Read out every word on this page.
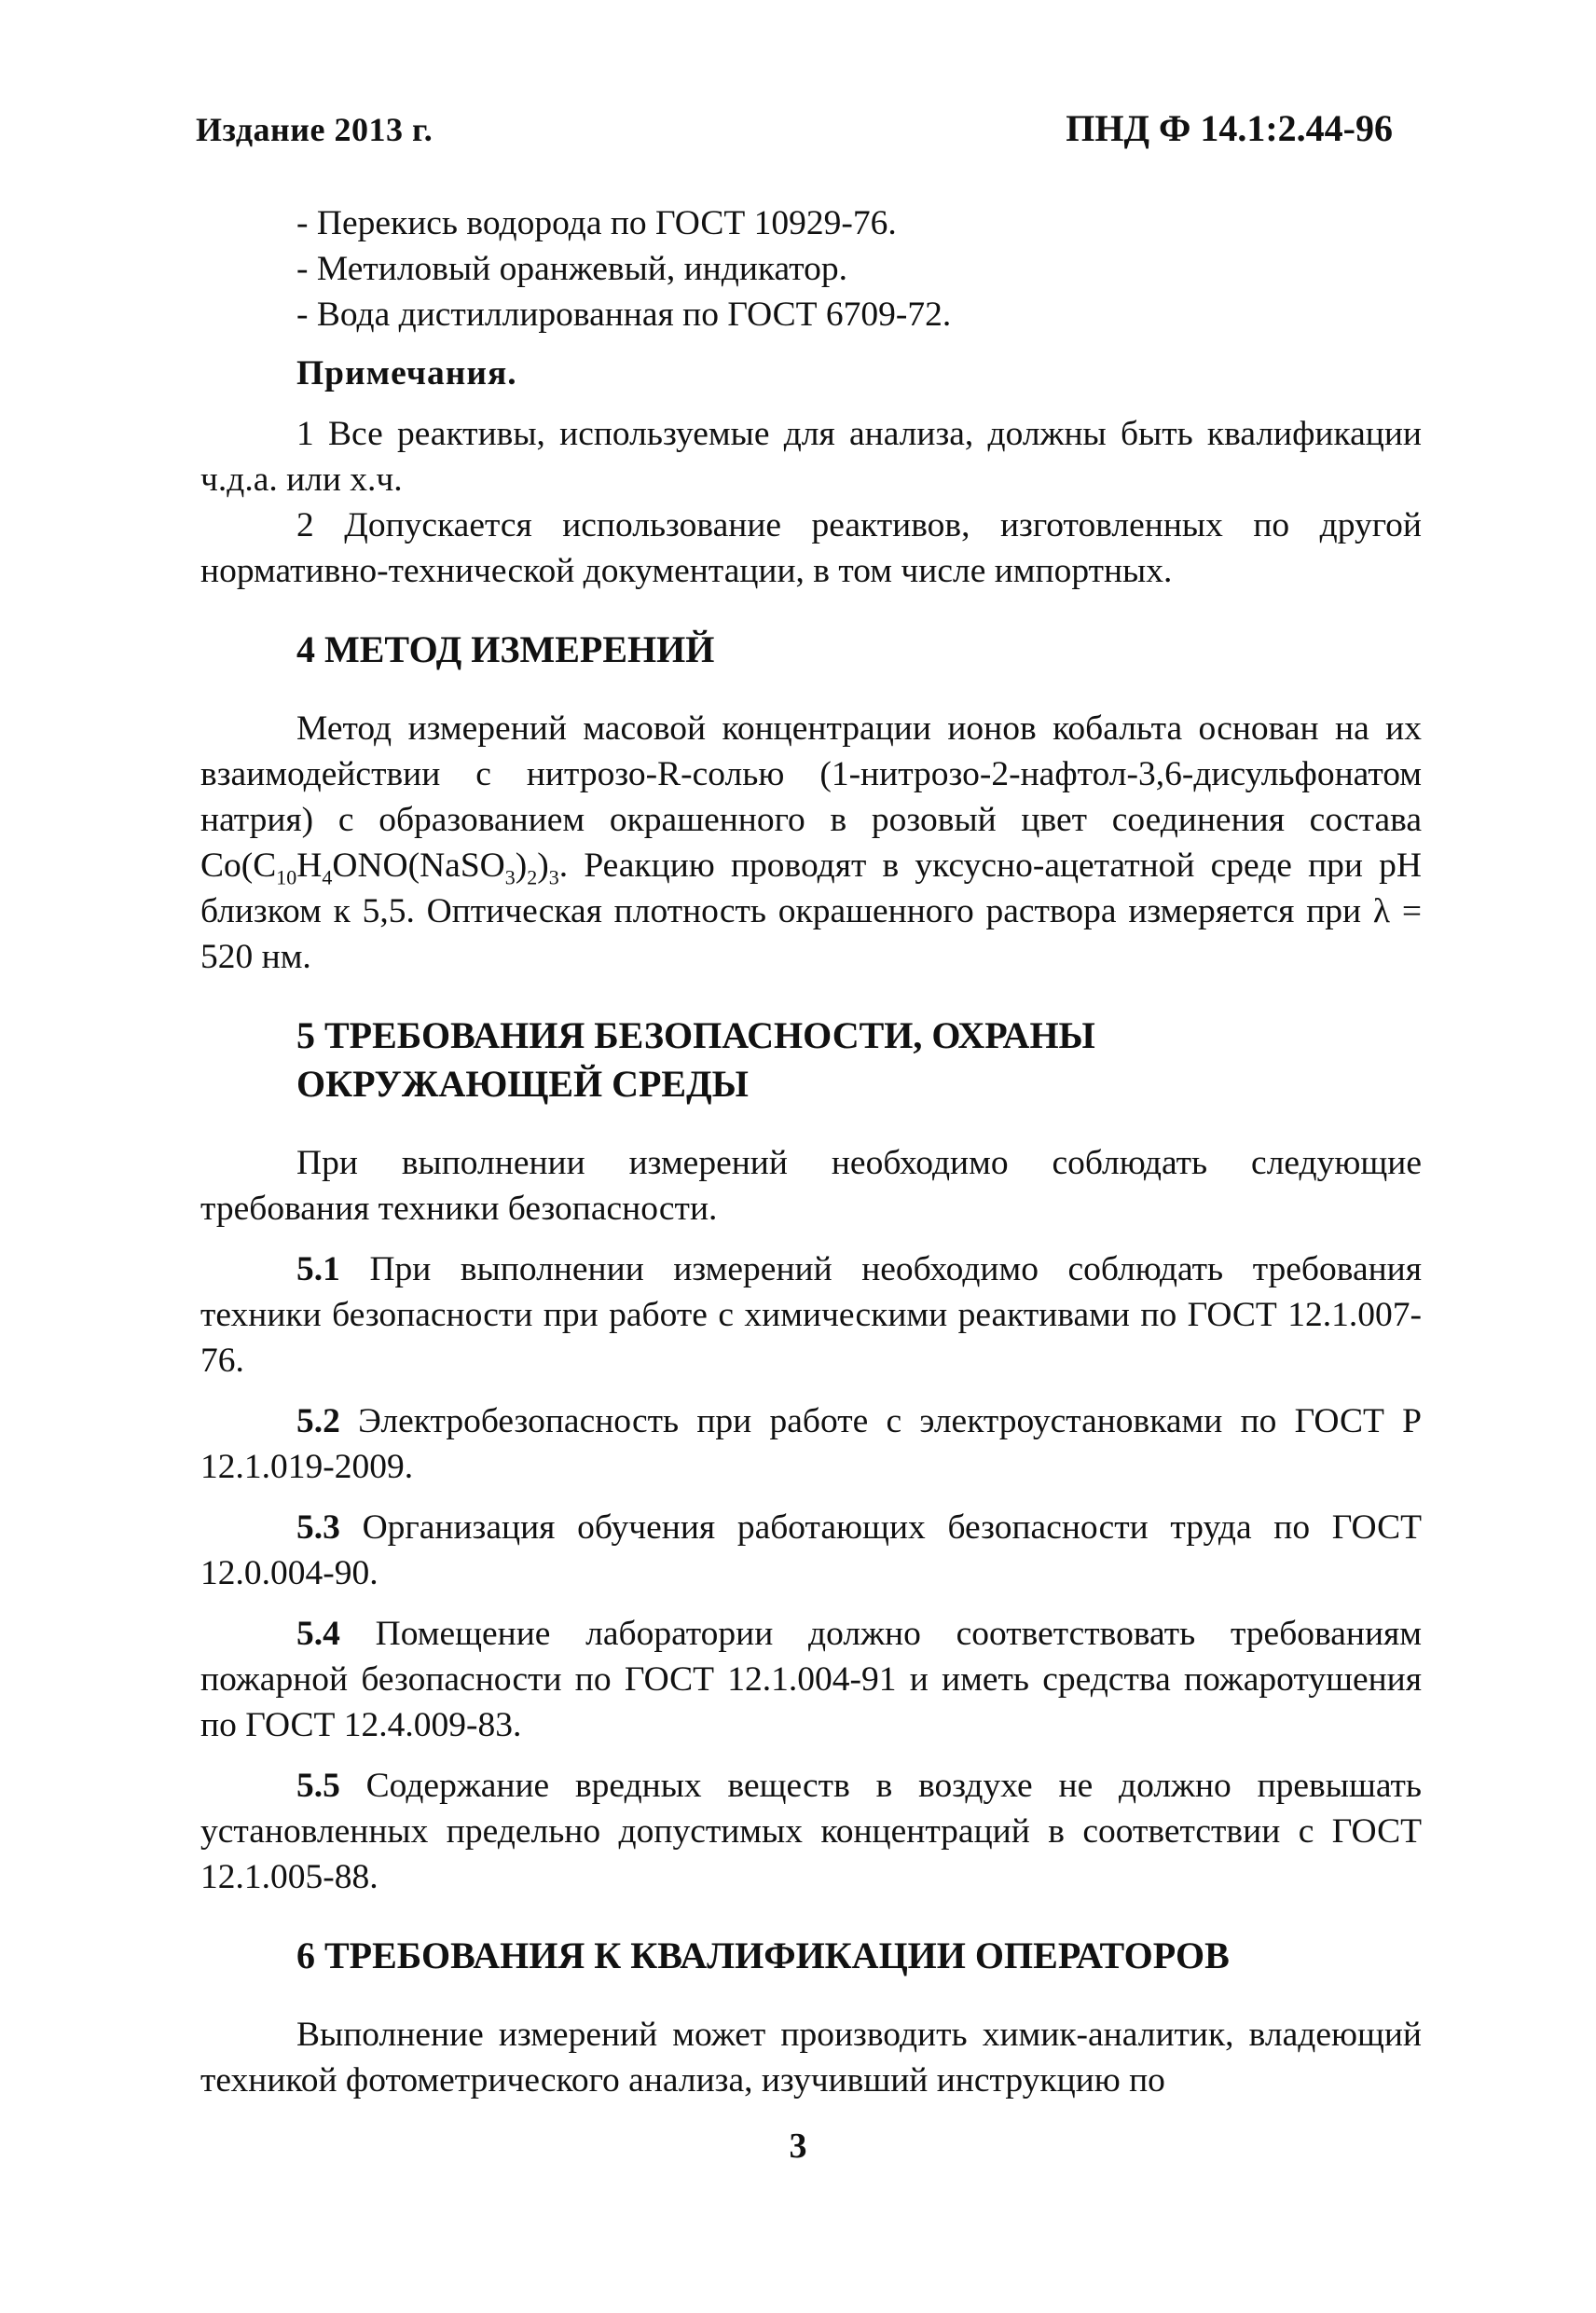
Издание 2013 г.	ПНД Ф 14.1:2.44-96

- Перекись водорода по ГОСТ 10929-76.

- Метиловый оранжевый, индикатор.

- Вода дистиллированная по ГОСТ 6709-72.

Примечания.

1 Все реактивы, используемые для анализа, должны быть квалификации ч.д.а. или х.ч.

2 Допускается использование реактивов, изготовленных по другой нормативно-технической документации, в том числе импортных.

4 МЕТОД ИЗМЕРЕНИЙ

Метод измерений масовой концентрации ионов кобальта основан на их взаимодействии с нитрозо-R-солью (1-нитрозо-2-нафтол-3,6-дисульфонатом натрия) с образованием окрашенного в розовый цвет соединения состава $Co(C_{10}H_4ONO(NaSO_3)_2)_3$. Реакцию проводят в уксусно-ацетатной среде при pH близком к 5,5. Оптическая плотность окрашенного раствора измеряется при λ = 520 нм.

5 ТРЕБОВАНИЯ БЕЗОПАСНОСТИ, ОХРАНЫ
ОКРУЖАЮЩЕЙ СРЕДЫ

При выполнении измерений необходимо соблюдать следующие требования техники безопасности.

5.1 При выполнении измерений необходимо соблюдать требования техники безопасности при работе с химическими реактивами по ГОСТ 12.1.007-76.

5.2 Электробезопасность при работе с электроустановками по ГОСТ Р 12.1.019-2009.

5.3 Организация обучения работающих безопасности труда по ГОСТ 12.0.004-90.

5.4 Помещение лаборатории должно соответствовать требованиям пожарной безопасности по ГОСТ 12.1.004-91 и иметь средства пожаротушения по ГОСТ 12.4.009-83.

5.5 Содержание вредных веществ в воздухе не должно превышать установленных предельно допустимых концентраций в соответствии с ГОСТ 12.1.005-88.

6 ТРЕБОВАНИЯ К КВАЛИФИКАЦИИ ОПЕРАТОРОВ

Выполнение измерений может производить химик-аналитик, владеющий техникой фотометрического анализа, изучивший инструкцию по

3
